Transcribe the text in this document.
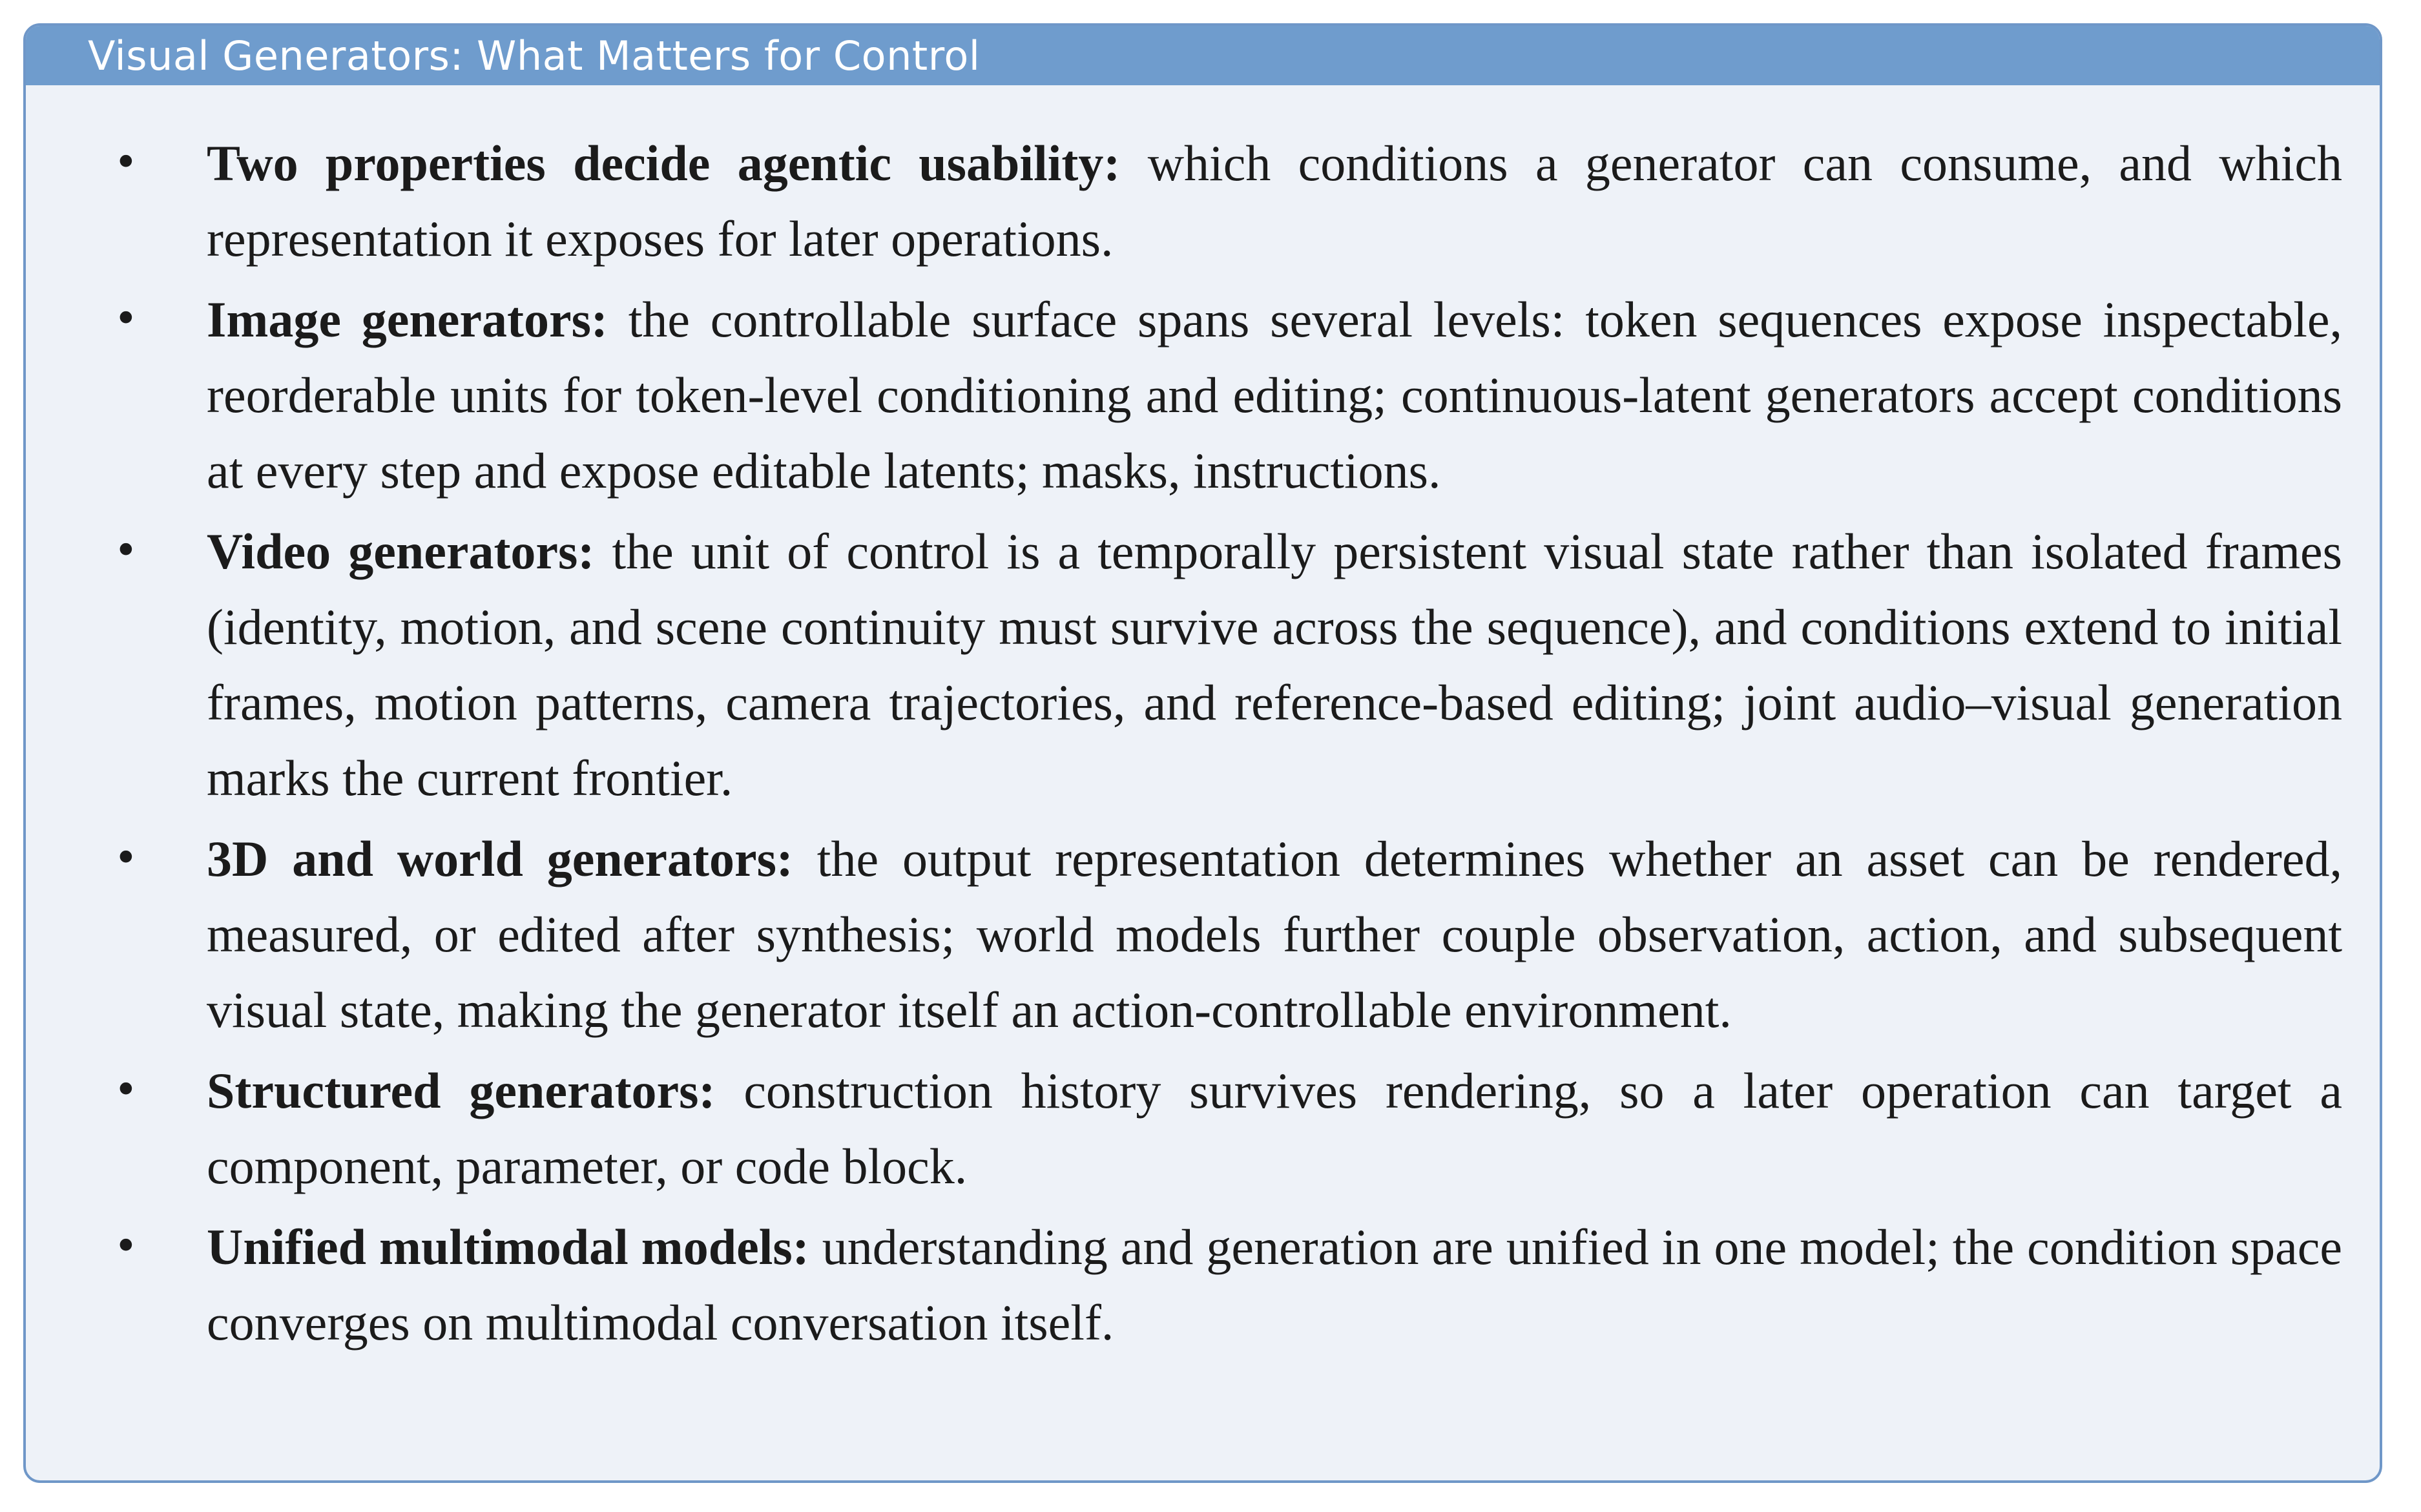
Visual Generators: What Matters for Control
• Two properties decide agentic usability: which conditions a generator can consume, and which representation it exposes for later operations.
• Image generators: the controllable surface spans several levels: token sequences expose inspectable, reorderable units for token-level conditioning and editing; continuous-latent generators accept conditions at every step and expose editable latents; masks, instructions.
• Video generators: the unit of control is a temporally persistent visual state rather than isolated frames (identity, motion, and scene continuity must survive across the sequence), and conditions extend to initial frames, motion patterns, camera trajectories, and reference-based editing; joint audio–visual generation marks the current frontier.
• 3D and world generators: the output representation determines whether an asset can be rendered, measured, or edited after synthesis; world models further couple observation, action, and subsequent visual state, making the generator itself an action-controllable environment.
• Structured generators: construction history survives rendering, so a later operation can target a component, parameter, or code block.
• Unified multimodal models: understanding and generation are unified in one model; the condition space converges on multimodal conversation itself.
